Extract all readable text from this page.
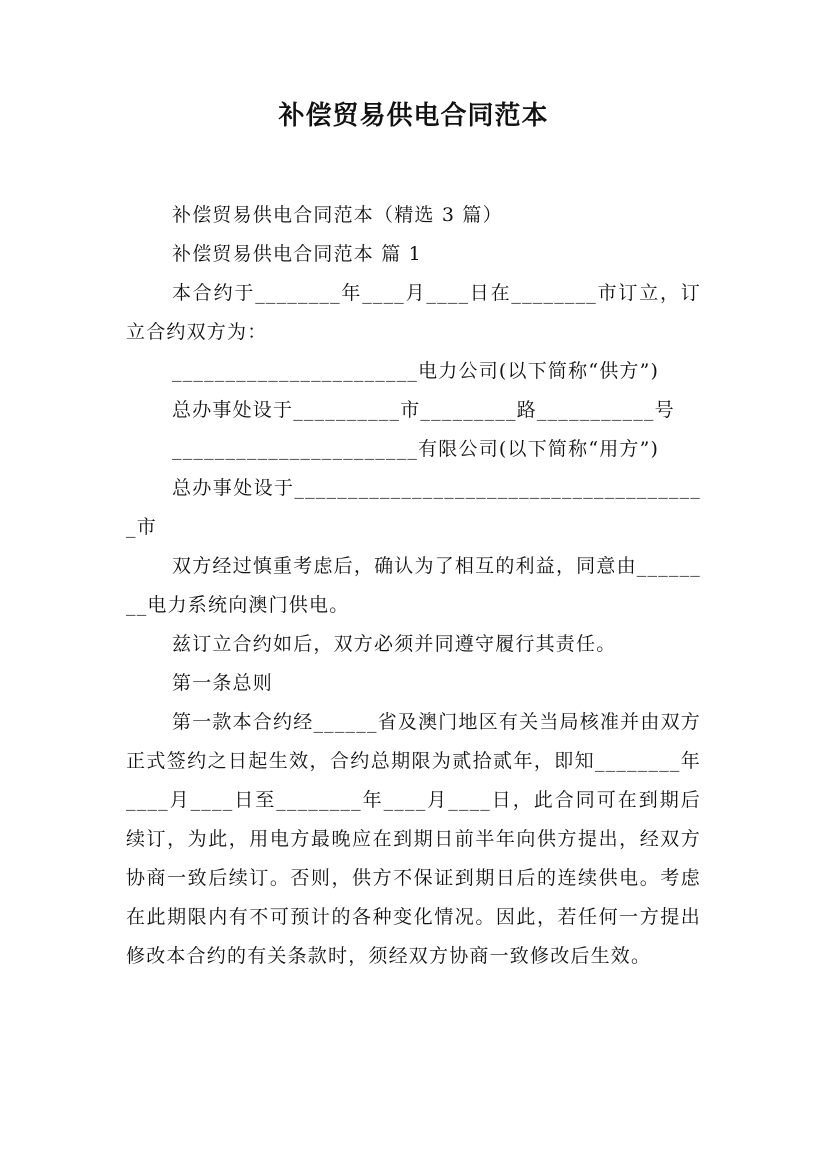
补偿贸易供电合同范本

补偿贸易供电合同范本（精选 3 篇）

补偿贸易供电合同范本 篇 1

本合约于________年____月____日在________市订立，订立合约双方为：

_______________________电力公司(以下简称“供方”)

总办事处设于__________市_________路___________号

_______________________有限公司(以下简称“用方”)

总办事处设于_______________________________________市

双方经过慎重考虑后，确认为了相互的利益，同意由________电力系统向澳门供电。

兹订立合约如后，双方必须并同遵守履行其责任。

第一条总则

第一款本合约经______省及澳门地区有关当局核准并由双方正式签约之日起生效，合约总期限为贰拾贰年，即知________年____月____日至________年____月____日，此合同可在到期后续订，为此，用电方最晚应在到期日前半年向供方提出，经双方协商一致后续订。否则，供方不保证到期日后的连续供电。考虑在此期限内有不可预计的各种变化情况。因此，若任何一方提出修改本合约的有关条款时，须经双方协商一致修改后生效。
